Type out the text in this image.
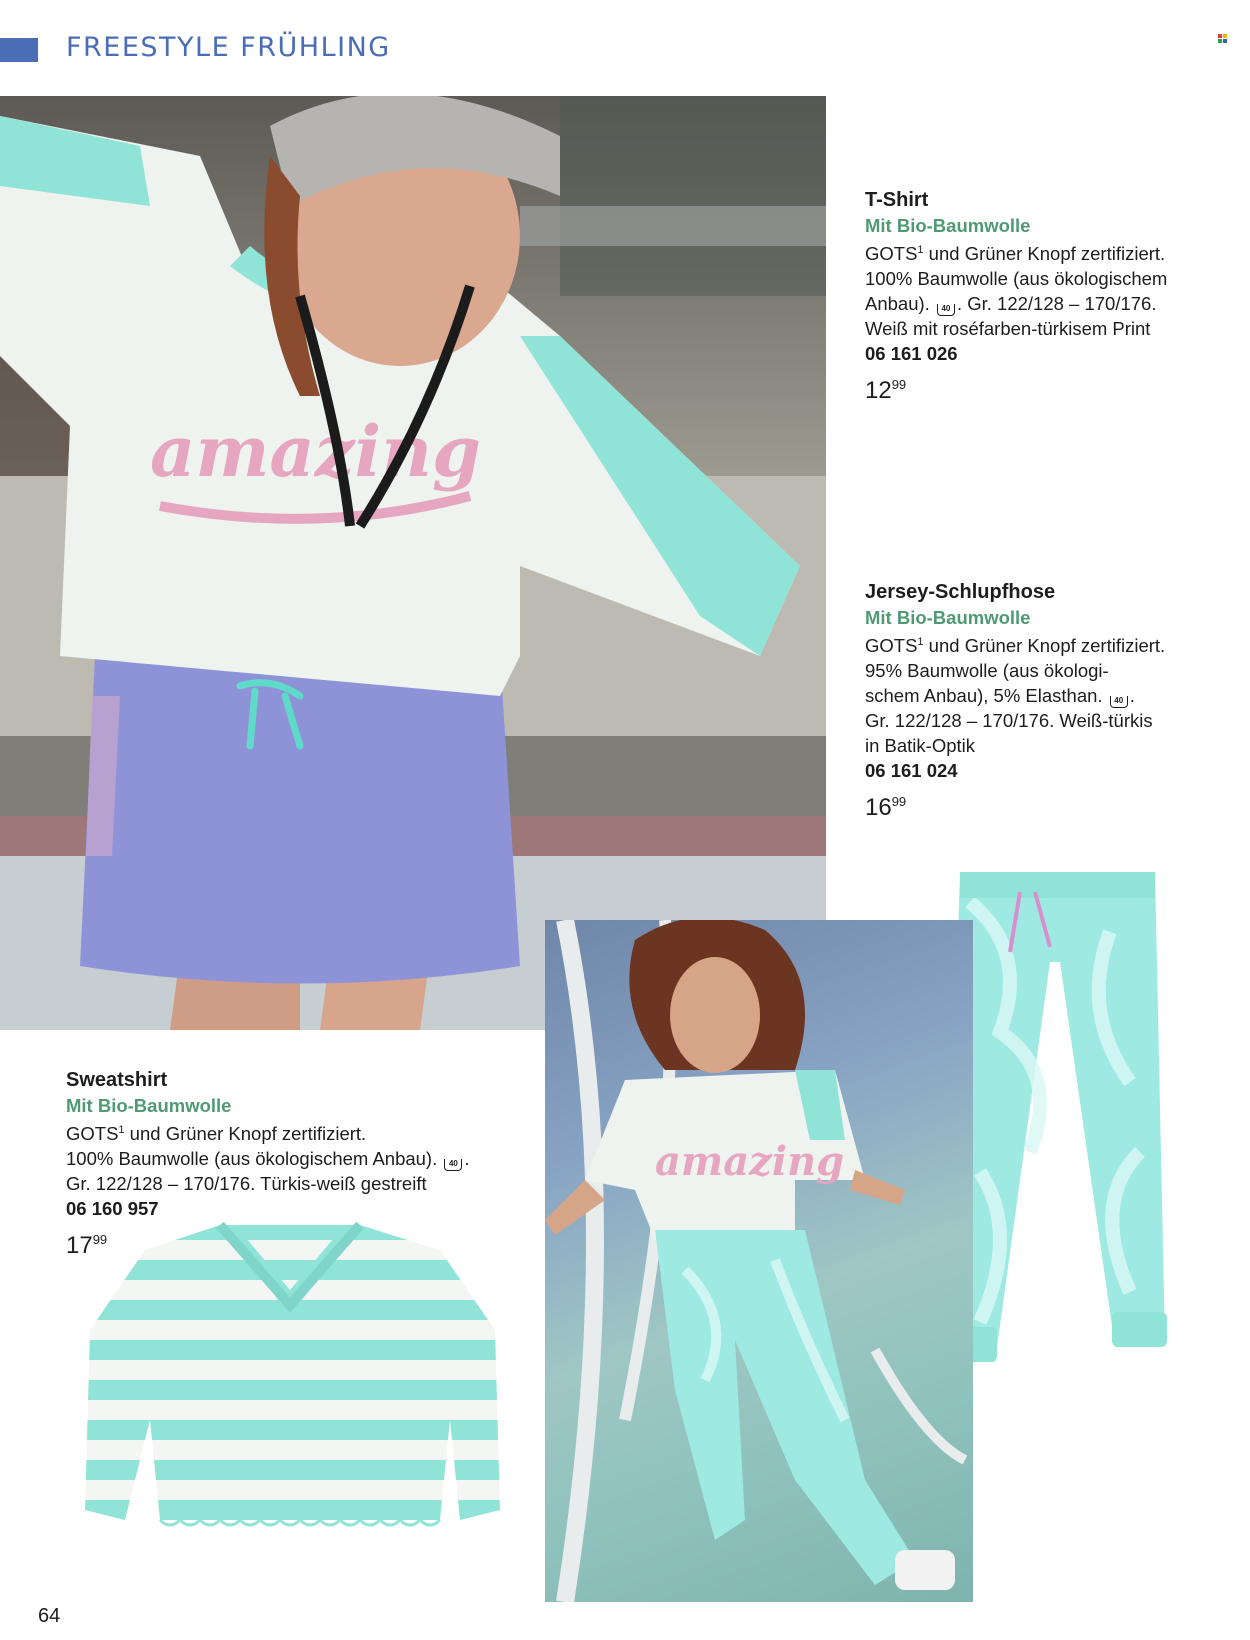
FREESTYLE FRÜHLING
amazing
T-Shirt
Mit Bio-Baumwolle
GOTS$^1$ und Grüner Knopf zertifiziert.
100% Baumwolle (aus ökologischem
Anbau). 40 . Gr. 122/128 – 170/176.
Weiß mit roséfarben-türkisem Print
06 161 026
$12^{99}$
Jersey-Schlupfhose
Mit Bio-Baumwolle
GOTS$^1$ und Grüner Knopf zertifiziert.
95% Baumwolle (aus ökologi-
schem Anbau), 5% Elasthan. 40 .
Gr. 122/128 – 170/176. Weiß-türkis
in Batik-Optik
06 161 024
$16^{99}$
amazing
Sweatshirt
Mit Bio-Baumwolle
GOTS$^1$ und Grüner Knopf zertifiziert.
100% Baumwolle (aus ökologischem Anbau). 40 .
Gr. 122/128 – 170/176. Türkis-weiß gestreift
06 160 957
$17^{99}$
64
